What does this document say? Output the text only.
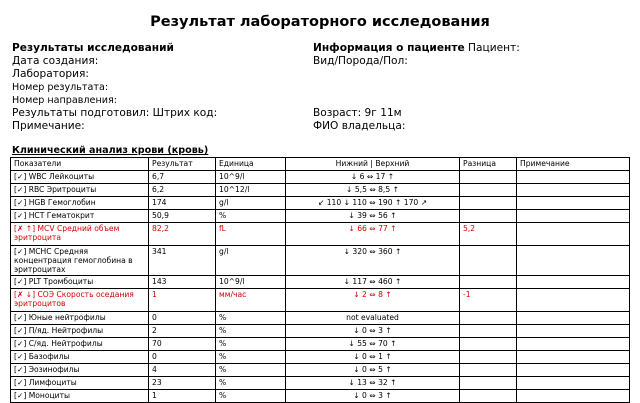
Результат лабораторного исследования
Результаты исследований
Дата создания:
Лаборатория:
Номер результата:
Номер направления:
Результаты подготовил: Штрих код:
Примечание:
Информация о пациенте Пациент:
Вид/Порода/Пол:
Возраст: 9г 11м
ФИО владельца:
Клинический анализ крови (кровь)
Показатели	Результат	Единица	Нижний | Верхний	Разница	Примечание
[✓] WBC Лейкоциты	6,7	10^9/l	↓ 6 ⇔ 17 ↑		
[✓] RBC Эритроциты	6,2	10^12/l	↓ 5,5 ⇔ 8,5 ↑		
[✓] HGB Гемоглобин	174	g/l	↙ 110 ↓ 110 ⇔ 190 ↑ 170 ↗		
[✓] HCT Гематокрит	50,9	%	↓ 39 ⇔ 56 ↑		
[✗ ↑] MCV Средний объем эритроцита	82,2	fL	↓ 66 ⇔ 77 ↑	5,2	
[✓] MCHC Средняя концентрация гемоглобина в эритроцитах	341	g/l	↓ 320 ⇔ 360 ↑		
[✓] PLT Тромбоциты	143	10^9/l	↓ 117 ⇔ 460 ↑		
[✗ ↓] СОЭ Скорость оседания эритроцитов	1	мм/час	↓ 2 ⇔ 8 ↑	-1	
[✓] Юные нейтрофилы	0	%	not evaluated		
[✓] П/яд. Нейтрофилы	2	%	↓ 0 ⇔ 3 ↑		
[✓] С/яд. Нейтрофилы	70	%	↓ 55 ⇔ 70 ↑		
[✓] Базофилы	0	%	↓ 0 ⇔ 1 ↑		
[✓] Эозинофилы	4	%	↓ 0 ⇔ 5 ↑		
[✓] Лимфоциты	23	%	↓ 13 ⇔ 32 ↑		
[✓] Моноциты	1	%	↓ 0 ⇔ 3 ↑		
